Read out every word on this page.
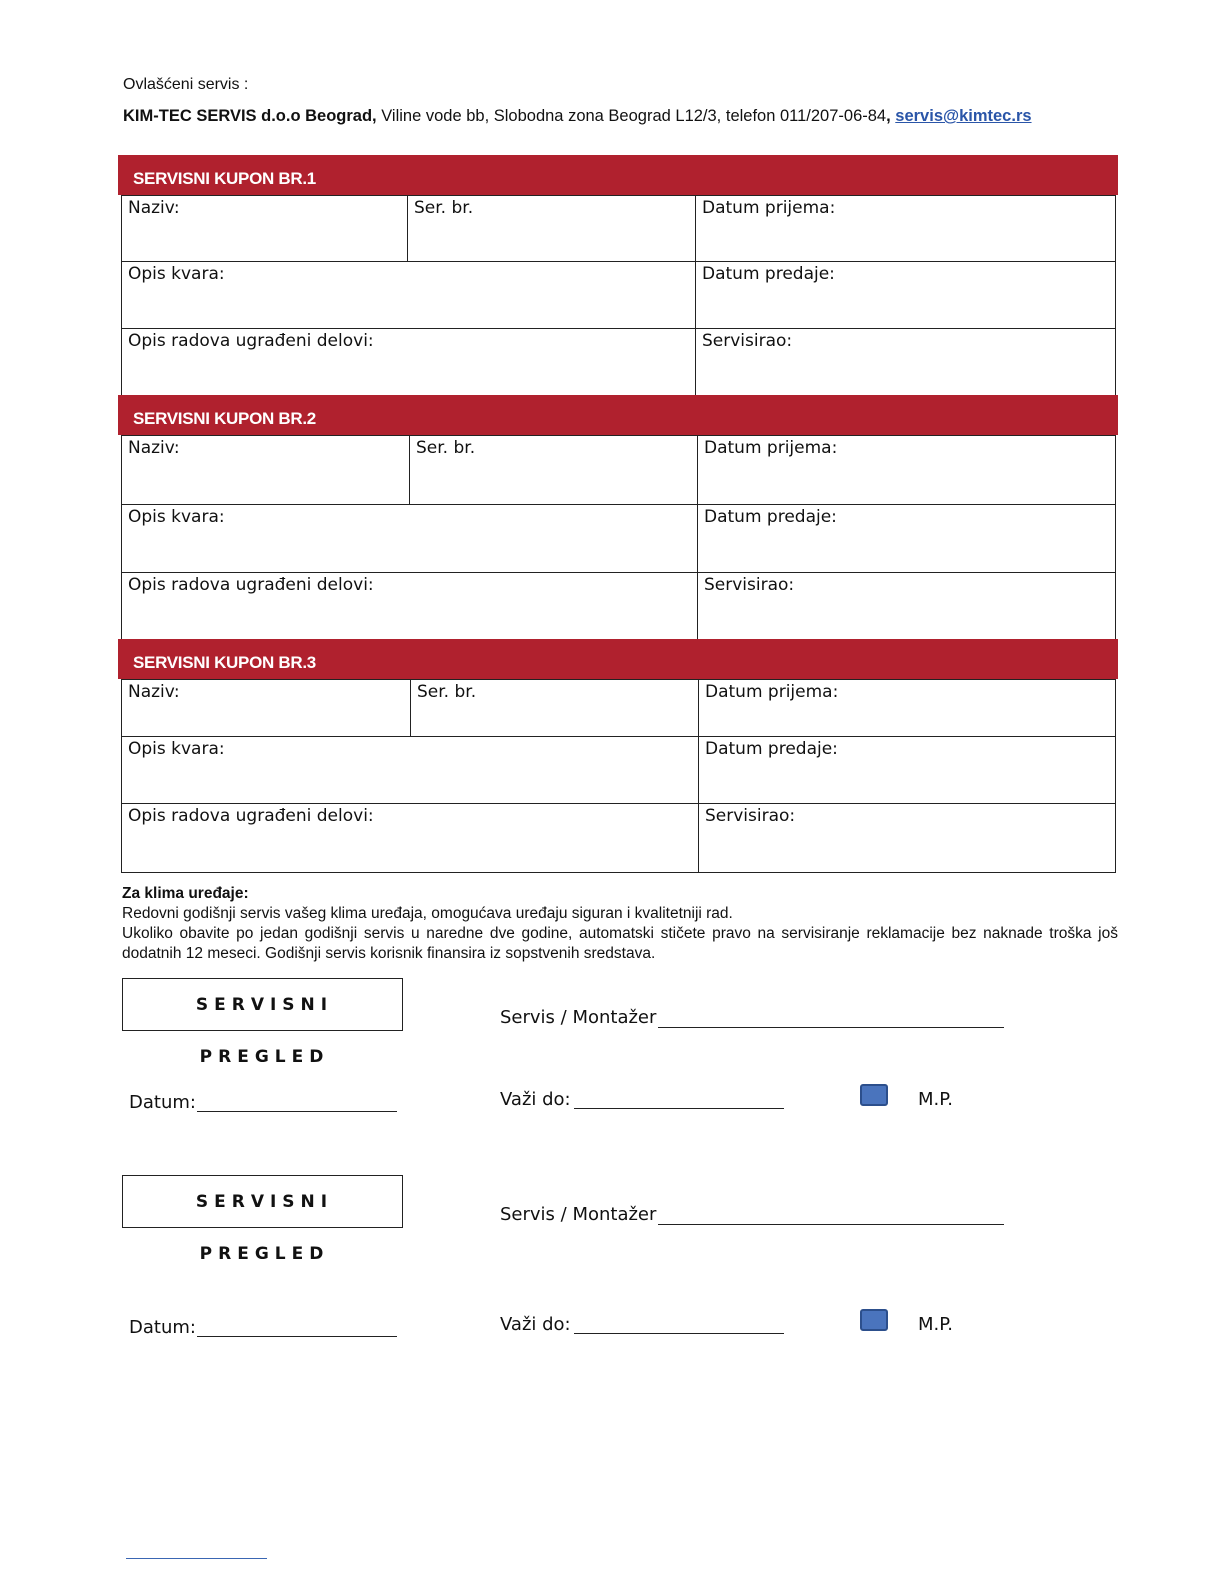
Ovlašćeni servis :
KIM-TEC SERVIS d.o.o Beograd, Viline vode bb, Slobodna zona Beograd L12/3, telefon 011/207-06-84, servis@kimtec.rs
SERVISNI KUPON BR.1
Naziv:	Ser. br.	Datum prijema:
Opis kvara:	Datum predaje:
Opis radova ugrađeni delovi:	Servisirao:
SERVISNI KUPON BR.2
Naziv:	Ser. br.	Datum prijema:
Opis kvara:	Datum predaje:
Opis radova ugrađeni delovi:	Servisirao:
SERVISNI KUPON BR.3
Naziv:	Ser. br.	Datum prijema:
Opis kvara:	Datum predaje:
Opis radova ugrađeni delovi:	Servisirao:
Za klima uređaje:
Redovni godišnji servis vašeg klima uređaja, omogućava uređaju siguran i kvalitetniji rad.
Ukoliko obavite po jedan godišnji servis u naredne dve godine, automatski stičete pravo na servisiranje reklamacije bez naknade troška još dodatnih 12 meseci. Godišnji servis korisnik finansira iz sopstvenih sredstava.
SERVISNI PREGLED
Servis / Montažer
Datum:	Važi do:	M.P.
SERVISNI PREGLED
Servis / Montažer
Datum:	Važi do:	M.P.
